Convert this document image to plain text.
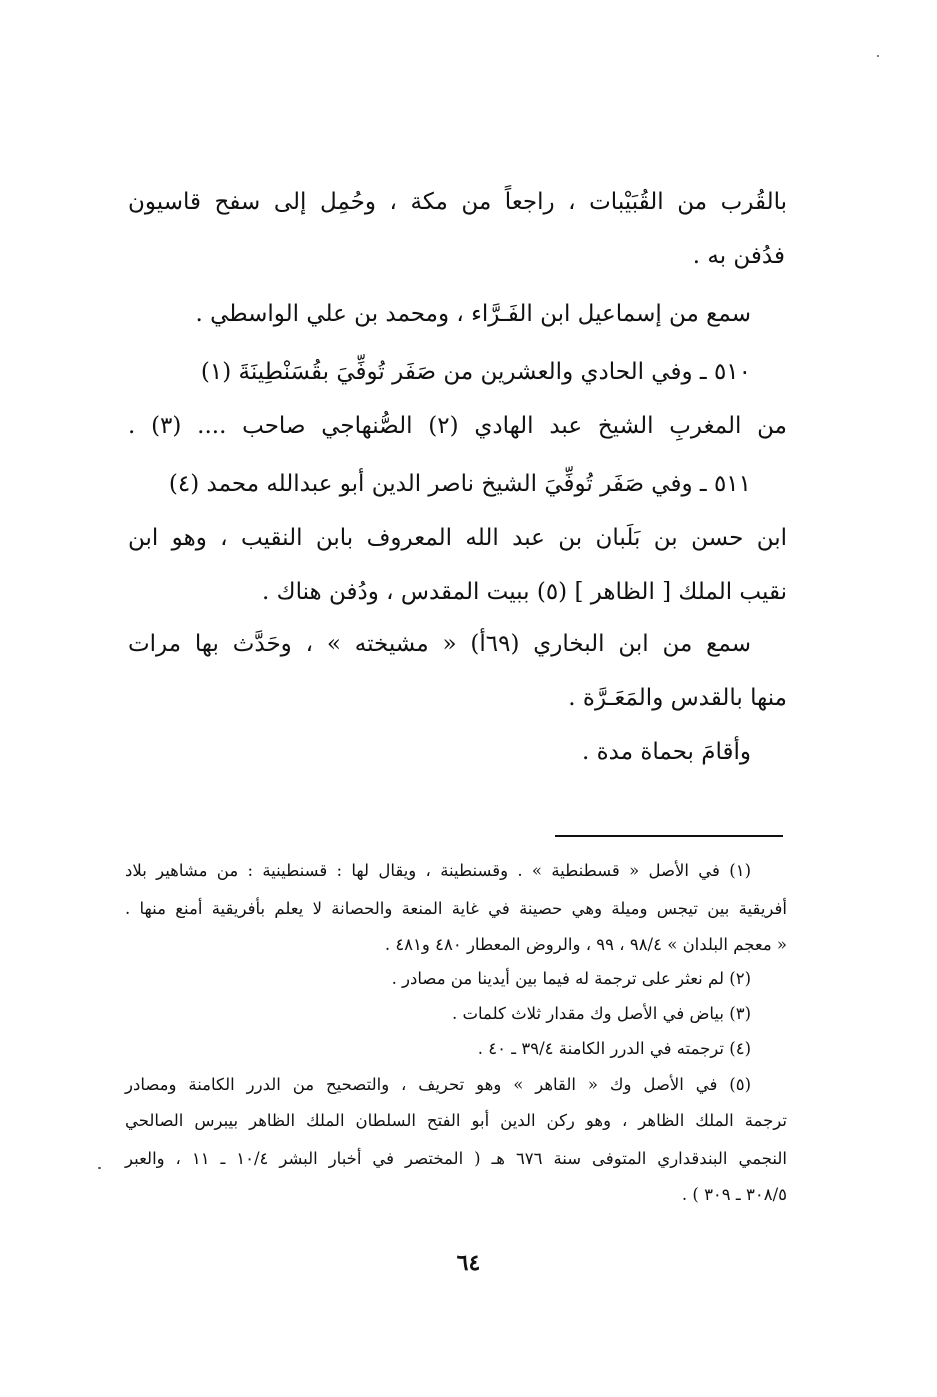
بالقُرب من القُبَيْبات ، راجعاً من مكة ، وحُمِل إلى سفح قاسيون
فدُفن به .
سمع من إسماعيل ابن الفَـرَّاء ، ومحمد بن علي الواسطي .
٥١٠ ـ وفي الحادي والعشرين من صَفَر تُوفِّيَ بقُسَنْطِينَةَ (١)
من المغربِ الشيخ عبد الهادي (٢) الصُّنهاجي صاحب .... (٣) .
٥١١ ـ وفي صَفَر تُوفِّيَ الشيخ ناصر الدين أبو عبدالله محمد (٤)
ابن حسن بن بَلَبان بن عبد الله المعروف بابن النقيب ، وهو ابن
نقيب الملك [ الظاهر ] (٥) ببيت المقدس ، ودُفن هناك .
سمع من ابن البخاري (٦٩أ) « مشيخته » ، وحَدَّث بها مرات
منها بالقدس والمَعَـرَّة .
وأقامَ بحماة مدة .
(١) في الأصل « قسطنطية » . وقسنطينة ، ويقال لها : قسنطينية : من مشاهير بلاد
أفريقية بين تيجس وميلة وهي حصينة في غاية المنعة والحصانة لا يعلم بأفريقية أمنع منها .
« معجم البلدان » ٩٨/٤ ، ٩٩ ، والروض المعطار ٤٨٠ و٤٨١ .
(٢) لم نعثر على ترجمة له فيما بين أيدينا من مصادر .
(٣) بياض في الأصل وك مقدار ثلاث كلمات .
(٤) ترجمته في الدرر الكامنة ٣٩/٤ ـ ٤٠ .
(٥) في الأصل وك « القاهر » وهو تحريف ، والتصحيح من الدرر الكامنة ومصادر
ترجمة الملك الظاهر ، وهو ركن الدين أبو الفتح السلطان الملك الظاهر بيبرس الصالحي
النجمي البندقداري المتوفى سنة ٦٧٦ هـ ( المختصر في أخبار البشر ١٠/٤ ـ ١١ ، والعبر
٣٠٨/٥ ـ ٣٠٩ ) .
٦٤
